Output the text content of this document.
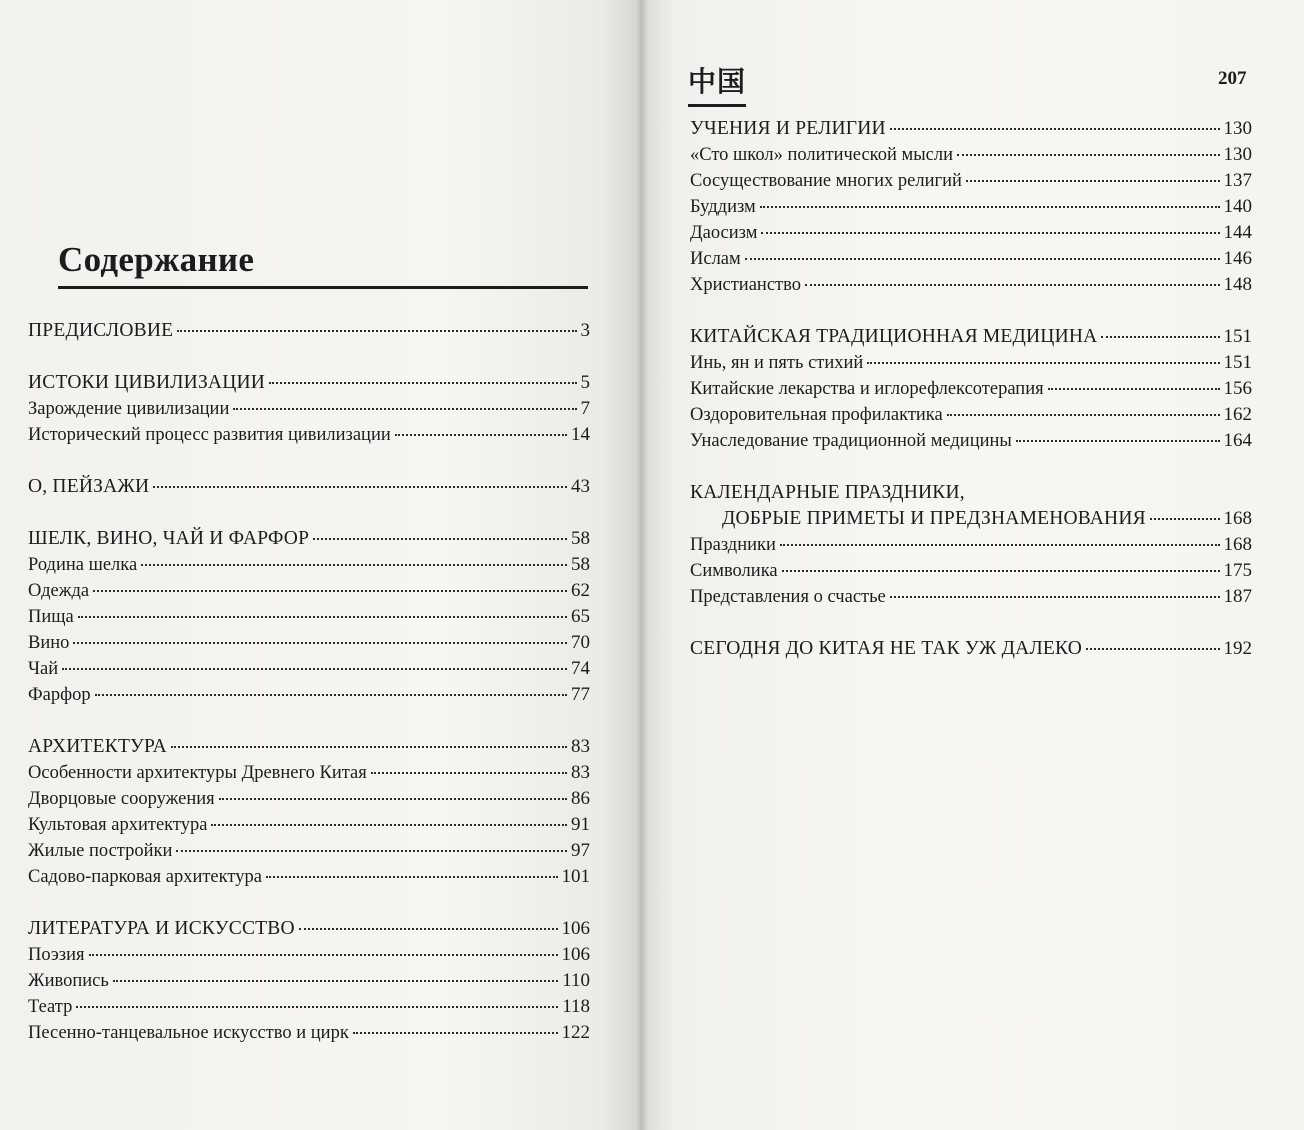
Содержание
ПРЕДИСЛОВИЕ	3
ИСТОКИ ЦИВИЛИЗАЦИИ	5
Зарождение цивилизации	7
Исторический процесс развития цивилизации	14
О, ПЕЙЗАЖИ	43
ШЕЛК, ВИНО, ЧАЙ И ФАРФОР	58
Родина шелка	58
Одежда	62
Пища	65
Вино	70
Чай	74
Фарфор	77
АРХИТЕКТУРА	83
Особенности архитектуры Древнего Китая	83
Дворцовые сооружения	86
Культовая архитектура	91
Жилые постройки	97
Садово-парковая архитектура	101
ЛИТЕРАТУРА И ИСКУССТВО	106
Поэзия	106
Живопись	110
Театр	118
Песенно-танцевальное искусство и цирк	122
中国	207
УЧЕНИЯ И РЕЛИГИИ	130
«Сто школ» политической мысли	130
Сосуществование многих религий	137
Буддизм	140
Даосизм	144
Ислам	146
Христианство	148
КИТАЙСКАЯ ТРАДИЦИОННАЯ МЕДИЦИНА	151
Инь, ян и пять стихий	151
Китайские лекарства и иглорефлексотерапия	156
Оздоровительная профилактика	162
Унаследование традиционной медицины	164
КАЛЕНДАРНЫЕ ПРАЗДНИКИ,
ДОБРЫЕ ПРИМЕТЫ И ПРЕДЗНАМЕНОВАНИЯ	168
Праздники	168
Символика	175
Представления о счастье	187
СЕГОДНЯ ДО КИТАЯ НЕ ТАК УЖ ДАЛЕКО	192
